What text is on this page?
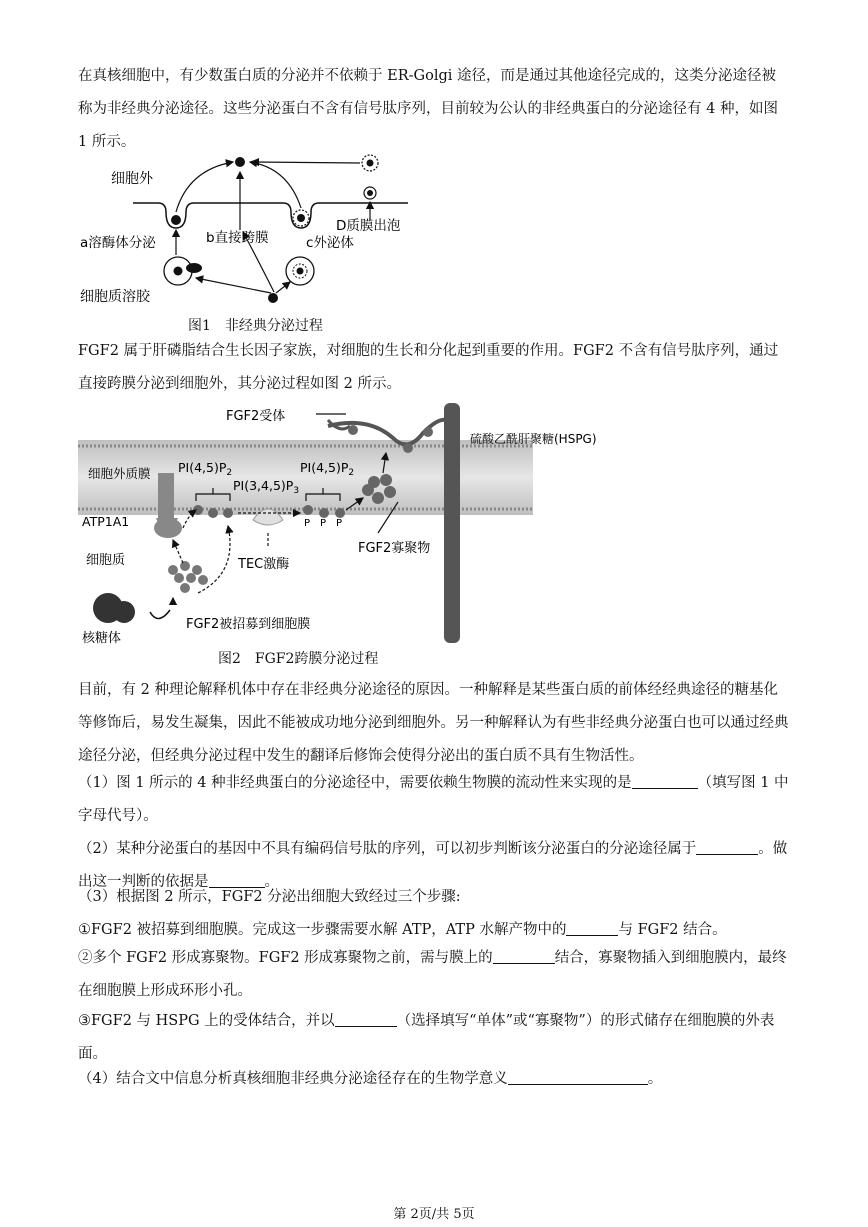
在真核细胞中，有少数蛋白质的分泌并不依赖于 ER-Golgi 途径，而是通过其他途径完成的，这类分泌途径被称为非经典分泌途径。这些分泌蛋白不含有信号肽序列，目前较为公认的非经典蛋白的分泌途径有 4 种，如图 1 所示。

细胞外
a溶酶体分泌	b直接跨膜	c外泌体
D质膜出泡
细胞质溶胶
图1　非经典分泌过程

FGF2 属于肝磷脂结合生长因子家族，对细胞的生长和分化起到重要的作用。FGF2 不含有信号肽序列，通过直接跨膜分泌到细胞外，其分泌过程如图 2 所示。

FGF2受体
硫酸乙酰肝聚糖(HSPG)
细胞外质膜 $PI(4,5)P_2$
$PI(3,4,5)P_3$
$PI(4,5)P_2$
P P P
ATP1A1
细胞质	TEC激酶
FGF2寡聚物
FGF2被招募到细胞膜
核糖体
图2　FGF2跨膜分泌过程

目前，有 2 种理论解释机体中存在非经典分泌途径的原因。一种解释是某些蛋白质的前体经经典途径的糖基化等修饰后，易发生凝集，因此不能被成功地分泌到细胞外。另一种解释认为有些非经典分泌蛋白也可以通过经典途径分泌，但经典分泌过程中发生的翻译后修饰会使得分泌出的蛋白质不具有生物活性。

（1）图 1 所示的 4 种非经典蛋白的分泌途径中，需要依赖生物膜的流动性来实现的是	（填写图 1 中字母代号）。

（2）某种分泌蛋白的基因中不具有编码信号肽的序列，可以初步判断该分泌蛋白的分泌途径属于	。做出这一判断的依据是	。

（3）根据图 2 所示，FGF2 分泌出细胞大致经过三个步骤:

①FGF2 被招募到细胞膜。完成这一步骤需要水解 ATP，ATP 水解产物中的	与 FGF2 结合。

②多个 FGF2 形成寡聚物。FGF2 形成寡聚物之前，需与膜上的	结合，寡聚物插入到细胞膜内，最终在细胞膜上形成环形小孔。

③FGF2 与 HSPG 上的受体结合，并以	（选择填写“单体”或“寡聚物”）的形式储存在细胞膜的外表面。

（4）结合文中信息分析真核细胞非经典分泌途径存在的生物学意义	。

第 2页/共 5页
